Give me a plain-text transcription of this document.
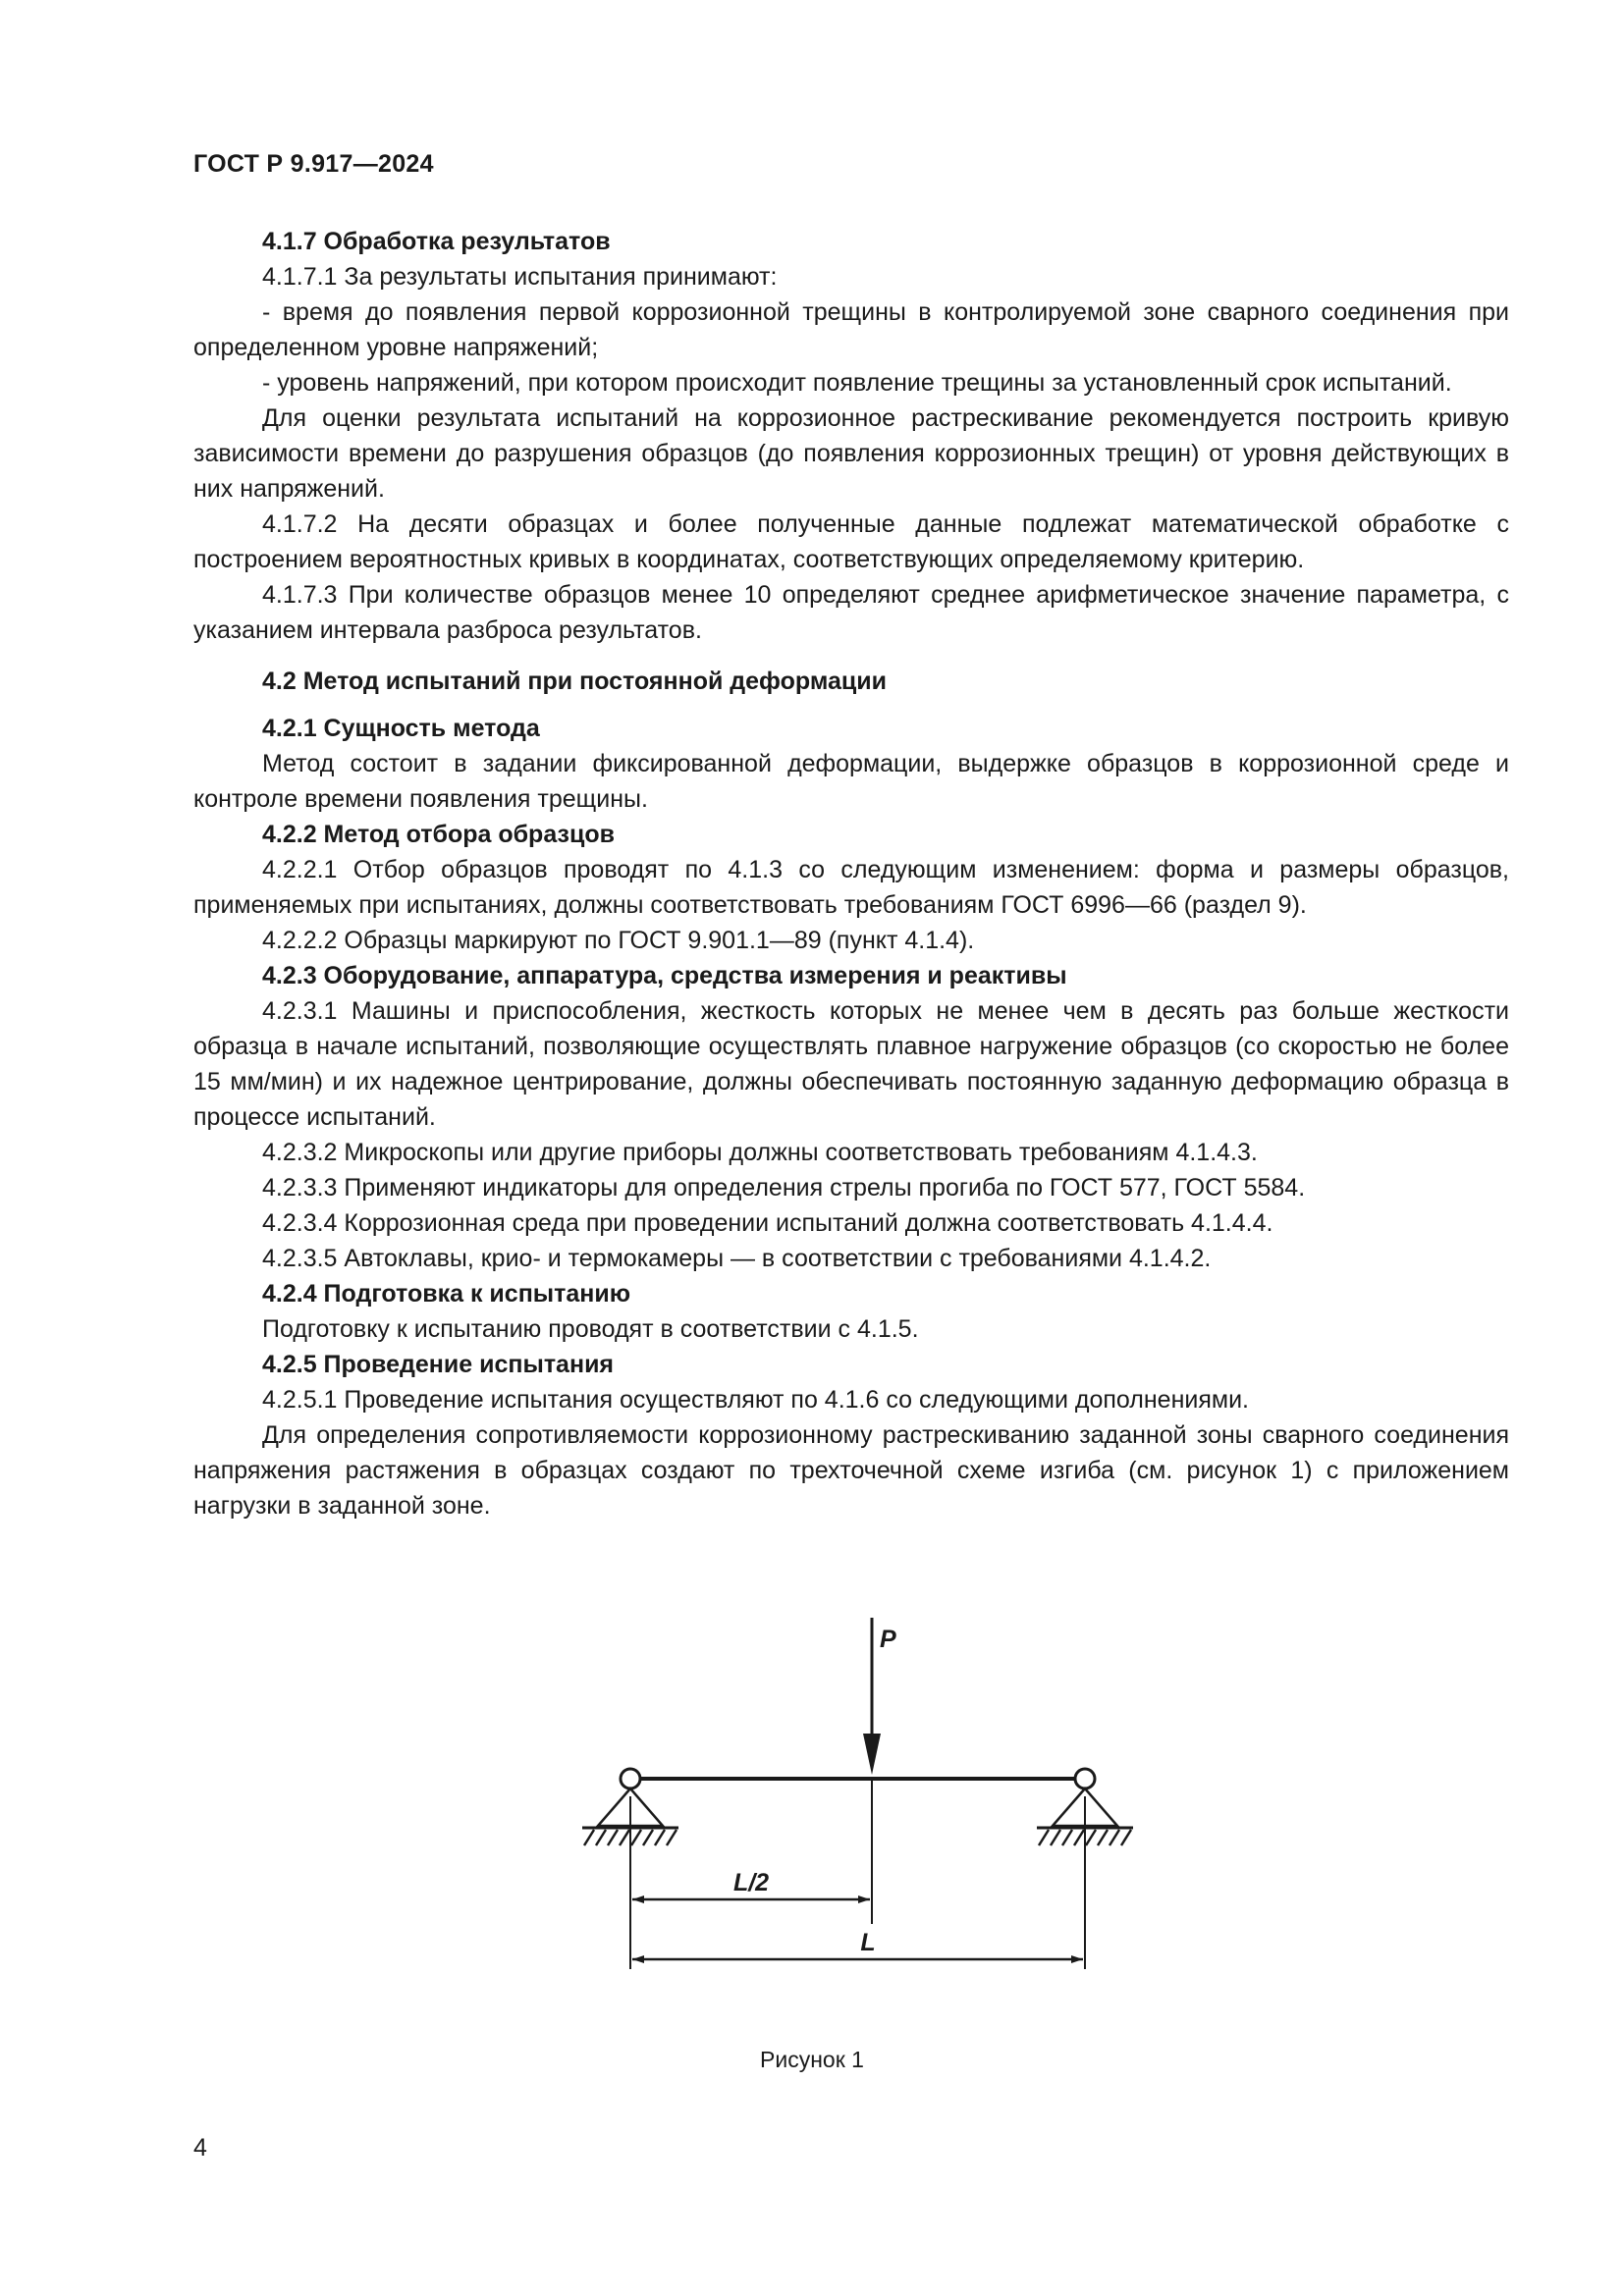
ГОСТ Р 9.917—2024

4.1.7 Обработка результатов

4.1.7.1 За результаты испытания принимают:

- время до появления первой коррозионной трещины в контролируемой зоне сварного соединения при определенном уровне напряжений;

- уровень напряжений, при котором происходит появление трещины за установленный срок испытаний.

Для оценки результата испытаний на коррозионное растрескивание рекомендуется построить кривую зависимости времени до разрушения образцов (до появления коррозионных трещин) от уровня действующих в них напряжений.

4.1.7.2 На десяти образцах и более полученные данные подлежат математической обработке с построением вероятностных кривых в координатах, соответствующих определяемому критерию.

4.1.7.3 При количестве образцов менее 10 определяют среднее арифметическое значение параметра, с указанием интервала разброса результатов.

4.2 Метод испытаний при постоянной деформации

4.2.1 Сущность метода

Метод состоит в задании фиксированной деформации, выдержке образцов в коррозионной среде и контроле времени появления трещины.

4.2.2 Метод отбора образцов

4.2.2.1 Отбор образцов проводят по 4.1.3 со следующим изменением: форма и размеры образцов, применяемых при испытаниях, должны соответствовать требованиям ГОСТ 6996—66 (раздел 9).

4.2.2.2 Образцы маркируют по ГОСТ 9.901.1—89 (пункт 4.1.4).

4.2.3 Оборудование, аппаратура, средства измерения и реактивы

4.2.3.1 Машины и приспособления, жесткость которых не менее чем в десять раз больше жесткости образца в начале испытаний, позволяющие осуществлять плавное нагружение образцов (со скоростью не более 15 мм/мин) и их надежное центрирование, должны обеспечивать постоянную заданную деформацию образца в процессе испытаний.

4.2.3.2 Микроскопы или другие приборы должны соответствовать требованиям 4.1.4.3.

4.2.3.3 Применяют индикаторы для определения стрелы прогиба по ГОСТ 577, ГОСТ 5584.

4.2.3.4 Коррозионная среда при проведении испытаний должна соответствовать 4.1.4.4.

4.2.3.5 Автоклавы, крио- и термокамеры — в соответствии с требованиями 4.1.4.2.

4.2.4 Подготовка к испытанию

Подготовку к испытанию проводят в соответствии с 4.1.5.

4.2.5 Проведение испытания

4.2.5.1 Проведение испытания осуществляют по 4.1.6 со следующими дополнениями.

Для определения сопротивляемости коррозионному растрескиванию заданной зоны сварного соединения напряжения растяжения в образцах создают по трехточечной схеме изгиба (см. рисунок 1) с приложением нагрузки в заданной зоне.

P
L/2
L
Рисунок 1
4
